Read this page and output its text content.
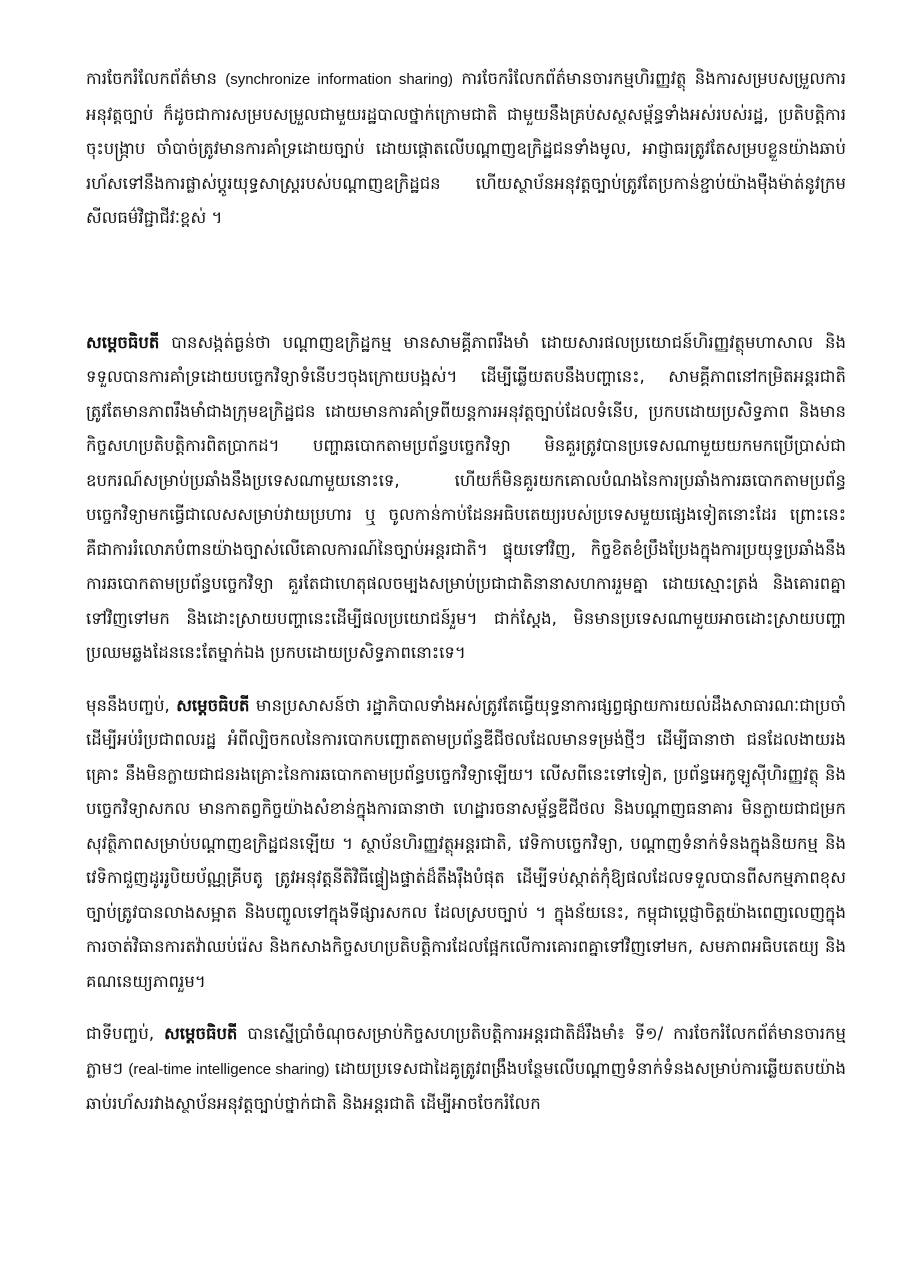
ការចែករំលែកព័ត៌មាន (synchronize information sharing) ការចែករំលែកព័ត៌មានចារកម្មហិរញ្ញវត្ថុ និងការសម្របសម្រួលការអនុវត្តច្បាប់ ក៏ដូចជាការសម្របសម្រួលជាមួយរដ្ឋបាលថ្នាក់ក្រោមជាតិ ជាមួយនឹងគ្រប់សស្ថសម្ព័ន្ធទាំងអស់របស់រដ្ឋ, ប្រតិបត្តិការចុះបង្ក្រាប ចាំបាច់ត្រូវមានការគាំទ្រដោយច្បាប់ ដោយផ្ដោតលើបណ្ដាញឧក្រិដ្ឋជនទាំងមូល, អាជ្ញាធរត្រូវតែសម្របខ្លួនយ៉ាងឆាប់រហ័សទៅនឹងការផ្លាស់ប្ដូរយុទ្ធសាស្ត្ររបស់បណ្ដាញឧក្រិដ្ឋជន ហើយស្ថាប័នអនុវត្តច្បាប់ត្រូវតែប្រកាន់ខ្ជាប់យ៉ាងម៉ឺងម៉ាត់នូវក្រមសីលធម៌វិជ្ជាជីវៈខ្ពស់ ។

សម្ដេចធិបតី បានសង្កត់ធ្ងន់ថា បណ្ដាញឧក្រិដ្ឋកម្ម មានសាមគ្គីភាពរឹងមាំ ដោយសារផលប្រយោជន៍ហិរញ្ញវត្ថុមហាសាល និងទទួលបានការគាំទ្រដោយបច្ចេកវិទ្យាទំនើបៗចុងក្រោយបង្អស់។ ដើម្បីឆ្លើយតបនឹងបញ្ហានេះ, សាមគ្គីភាពនៅកម្រិតអន្តរជាតិ ត្រូវតែមានភាពរឹងមាំជាងក្រុមឧក្រិដ្ឋជន ដោយមានការគាំទ្រពីយន្តការអនុវត្តច្បាប់ដែលទំនើប, ប្រកបដោយប្រសិទ្ធភាព និងមានកិច្ចសហប្រតិបត្តិការពិតប្រាកដ។ បញ្ហាឆបោកតាមប្រព័ន្ធបច្ចេកវិទ្យា មិនគួរត្រូវបានប្រទេសណាមួយយកមកប្រើប្រាស់ជាឧបករណ៍សម្រាប់ប្រឆាំងនឹងប្រទេសណាមួយនោះទេ, ហើយក៏មិនគួរយកគោលបំណងនៃការប្រឆាំងការឆបោកតាមប្រព័ន្ធបច្ចេកវិទ្យាមកធ្វើជាលេសសម្រាប់វាយប្រហារ ឬ ចូលកាន់កាប់ដែនអធិបតេយ្យរបស់ប្រទេសមួយផ្សេងទៀតនោះដែរ ព្រោះនេះគឺជាការរំលោភបំពានយ៉ាងច្បាស់លើគោលការណ៍នៃច្បាប់អន្តរជាតិ។ ផ្ទុយទៅវិញ, កិច្ចខិតខំប្រឹងប្រែងក្នុងការប្រយុទ្ធប្រឆាំងនឹងការឆបោកតាមប្រព័ន្ធបច្ចេកវិទ្យា គួរតែជាហេតុផលចម្បងសម្រាប់ប្រជាជាតិនានាសហការរួមគ្នា ដោយស្មោះត្រង់ និងគោរពគ្នាទៅវិញទៅមក និងដោះស្រាយបញ្ហានេះដើម្បីផលប្រយោជន៍រួម។ ជាក់ស្ដែង, មិនមានប្រទេសណាមួយអាចដោះស្រាយបញ្ហាប្រឈមឆ្លងដែននេះតែម្នាក់ឯង ប្រកបដោយប្រសិទ្ធភាពនោះទេ។

មុននឹងបញ្ចប់, សម្ដេចធិបតី មានប្រសាសន៍ថា រដ្ឋាភិបាលទាំងអស់ត្រូវតែធ្វើយុទ្ធនាការផ្សព្វផ្សាយការយល់ដឹងសាធារណៈជាប្រចាំ ដើម្បីអប់រំប្រជាពលរដ្ឋ អំពីល្បិចកលនៃការបោកបញ្ឆោតតាមប្រព័ន្ធឌីជីថលដែលមានទម្រង់ថ្មីៗ ដើម្បីធានាថា ជនដែលងាយរងគ្រោះ នឹងមិនក្លាយជាជនរងគ្រោះនៃការឆបោកតាមប្រព័ន្ធបច្ចេកវិទ្យាឡើយ។ លើសពីនេះទៅទៀត, ប្រព័ន្ធអេកូឡូស៊ីហិរញ្ញវត្ថុ និងបច្ចេកវិទ្យាសកល មានកាតព្វកិច្ចយ៉ាងសំខាន់ក្នុងការធានាថា ហេដ្ឋារចនាសម្ព័ន្ធឌីជីថល និងបណ្ដាញធនាគារ មិនក្លាយជាជម្រកសុវត្ថិភាពសម្រាប់បណ្ដាញឧក្រិដ្ឋជនឡើយ ។ ស្ថាប័នហិរញ្ញវត្ថុអន្តរជាតិ, វេទិកាបច្ចេកវិទ្យា, បណ្ដាញទំនាក់ទំនងក្នុងនិយកម្ម និងវេទិកាជួញដូររូបិយប័ណ្ណគ្រីបតូ ត្រូវអនុវត្តនីតិវិធីផ្ទៀងផ្ទាត់ដ៏តឹងរ៉ឹងបំផុត ដើម្បីទប់ស្កាត់កុំឱ្យផលដែលទទួលបានពីសកម្មភាពខុសច្បាប់ត្រូវបានលាងសម្អាត និងបញ្ចូលទៅក្នុងទីផ្សារសកល ដែលស្របច្បាប់ ។ ក្នុងន័យនេះ, កម្ពុជាប្ដេជ្ញាចិត្តយ៉ាងពេញលេញក្នុងការចាត់វិធានការតវ៉ាឈប់រ៉េស និងកសាងកិច្ចសហប្រតិបត្តិការដែលផ្អែកលើការគោរពគ្នាទៅវិញទៅមក, សមភាពអធិបតេយ្យ និងគណនេយ្យភាពរួម។

ជាទីបញ្ចប់, សម្ដេចធិបតី បានស្នើប្រាំចំណុចសម្រាប់កិច្ចសហប្រតិបត្តិការអន្តរជាតិដ៏រឹងមាំ៖ ទី១/ ការចែករំលែកព័ត៌មានចារកម្មភ្លាមៗ (real-time intelligence sharing) ដោយប្រទេសជាដៃគូត្រូវពង្រឹងបន្ថែមលើបណ្ដាញទំនាក់ទំនងសម្រាប់ការឆ្លើយតបយ៉ាងឆាប់រហ័សរវាងស្ថាប័នអនុវត្តច្បាប់ថ្នាក់ជាតិ និងអន្តរជាតិ ដើម្បីអាចចែករំលែក
